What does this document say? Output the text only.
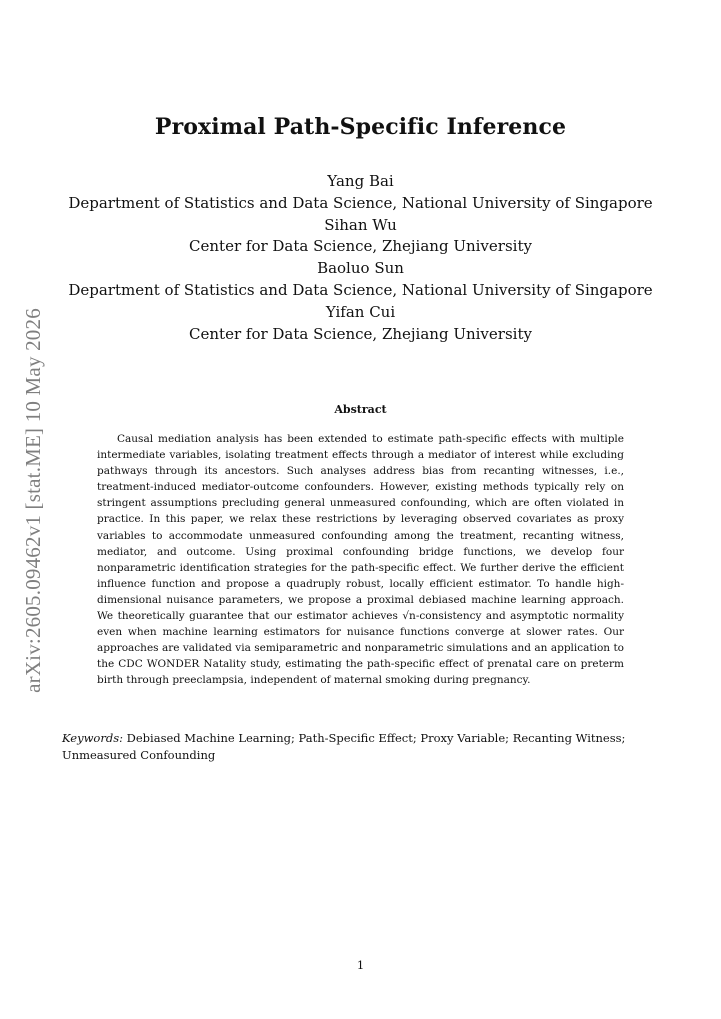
arXiv:2605.09462v1 [stat.ME] 10 May 2026
Proximal Path-Specific Inference
Yang Bai
Department of Statistics and Data Science, National University of Singapore
Sihan Wu
Center for Data Science, Zhejiang University
Baoluo Sun
Department of Statistics and Data Science, National University of Singapore
Yifan Cui
Center for Data Science, Zhejiang University
Abstract

Causal mediation analysis has been extended to estimate path-specific effects with multiple intermediate variables, isolating treatment effects through a mediator of interest while excluding pathways through its ancestors. Such analyses address bias from recanting witnesses, i.e., treatment-induced mediator-outcome confounders. However, existing methods typically rely on stringent assumptions precluding general unmeasured confounding, which are often violated in practice. In this paper, we relax these restrictions by leveraging observed covariates as proxy variables to accommodate unmeasured confounding among the treatment, recanting witness, mediator, and outcome. Using proximal confounding bridge functions, we develop four nonparametric identification strategies for the path-specific effect. We further derive the efficient influence function and propose a quadruply robust, locally efficient estimator. To handle high-dimensional nuisance parameters, we propose a proximal debiased machine learning approach. We theoretically guarantee that our estimator achieves √n-consistency and asymptotic normality even when machine learning estimators for nuisance functions converge at slower rates. Our approaches are validated via semiparametric and nonparametric simulations and an application to the CDC WONDER Natality study, estimating the path-specific effect of prenatal care on preterm birth through preeclampsia, independent of maternal smoking during pregnancy.

Keywords: Debiased Machine Learning; Path-Specific Effect; Proxy Variable; Recanting Witness; Unmeasured Confounding
1
